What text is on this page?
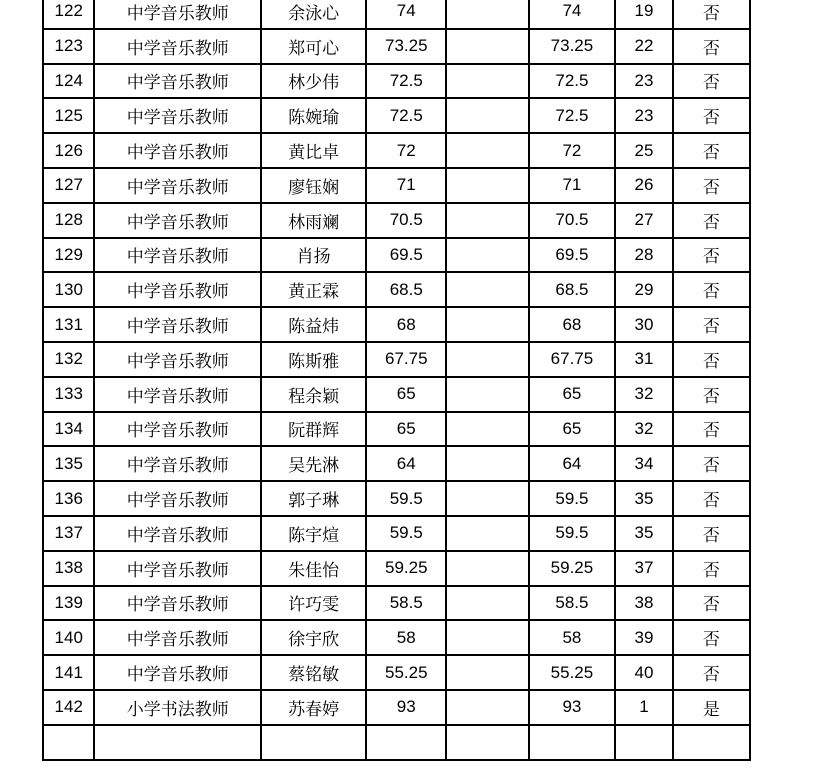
122	中学音乐教师	余泳心	74		74	19	否
123	中学音乐教师	郑可心	73.25		73.25	22	否
124	中学音乐教师	林少伟	72.5		72.5	23	否
125	中学音乐教师	陈婉瑜	72.5		72.5	23	否
126	中学音乐教师	黄比卓	72		72	25	否
127	中学音乐教师	廖钰娴	71		71	26	否
128	中学音乐教师	林雨斓	70.5		70.5	27	否
129	中学音乐教师	肖扬	69.5		69.5	28	否
130	中学音乐教师	黄正霖	68.5		68.5	29	否
131	中学音乐教师	陈益炜	68		68	30	否
132	中学音乐教师	陈斯雅	67.75		67.75	31	否
133	中学音乐教师	程余颖	65		65	32	否
134	中学音乐教师	阮群辉	65		65	32	否
135	中学音乐教师	吴先淋	64		64	34	否
136	中学音乐教师	郭子琳	59.5		59.5	35	否
137	中学音乐教师	陈宇煊	59.5		59.5	35	否
138	中学音乐教师	朱佳怡	59.25		59.25	37	否
139	中学音乐教师	许巧雯	58.5		58.5	38	否
140	中学音乐教师	徐宇欣	58		58	39	否
141	中学音乐教师	蔡铭敏	55.25		55.25	40	否
142	小学书法教师	苏春婷	93		93	1	是
